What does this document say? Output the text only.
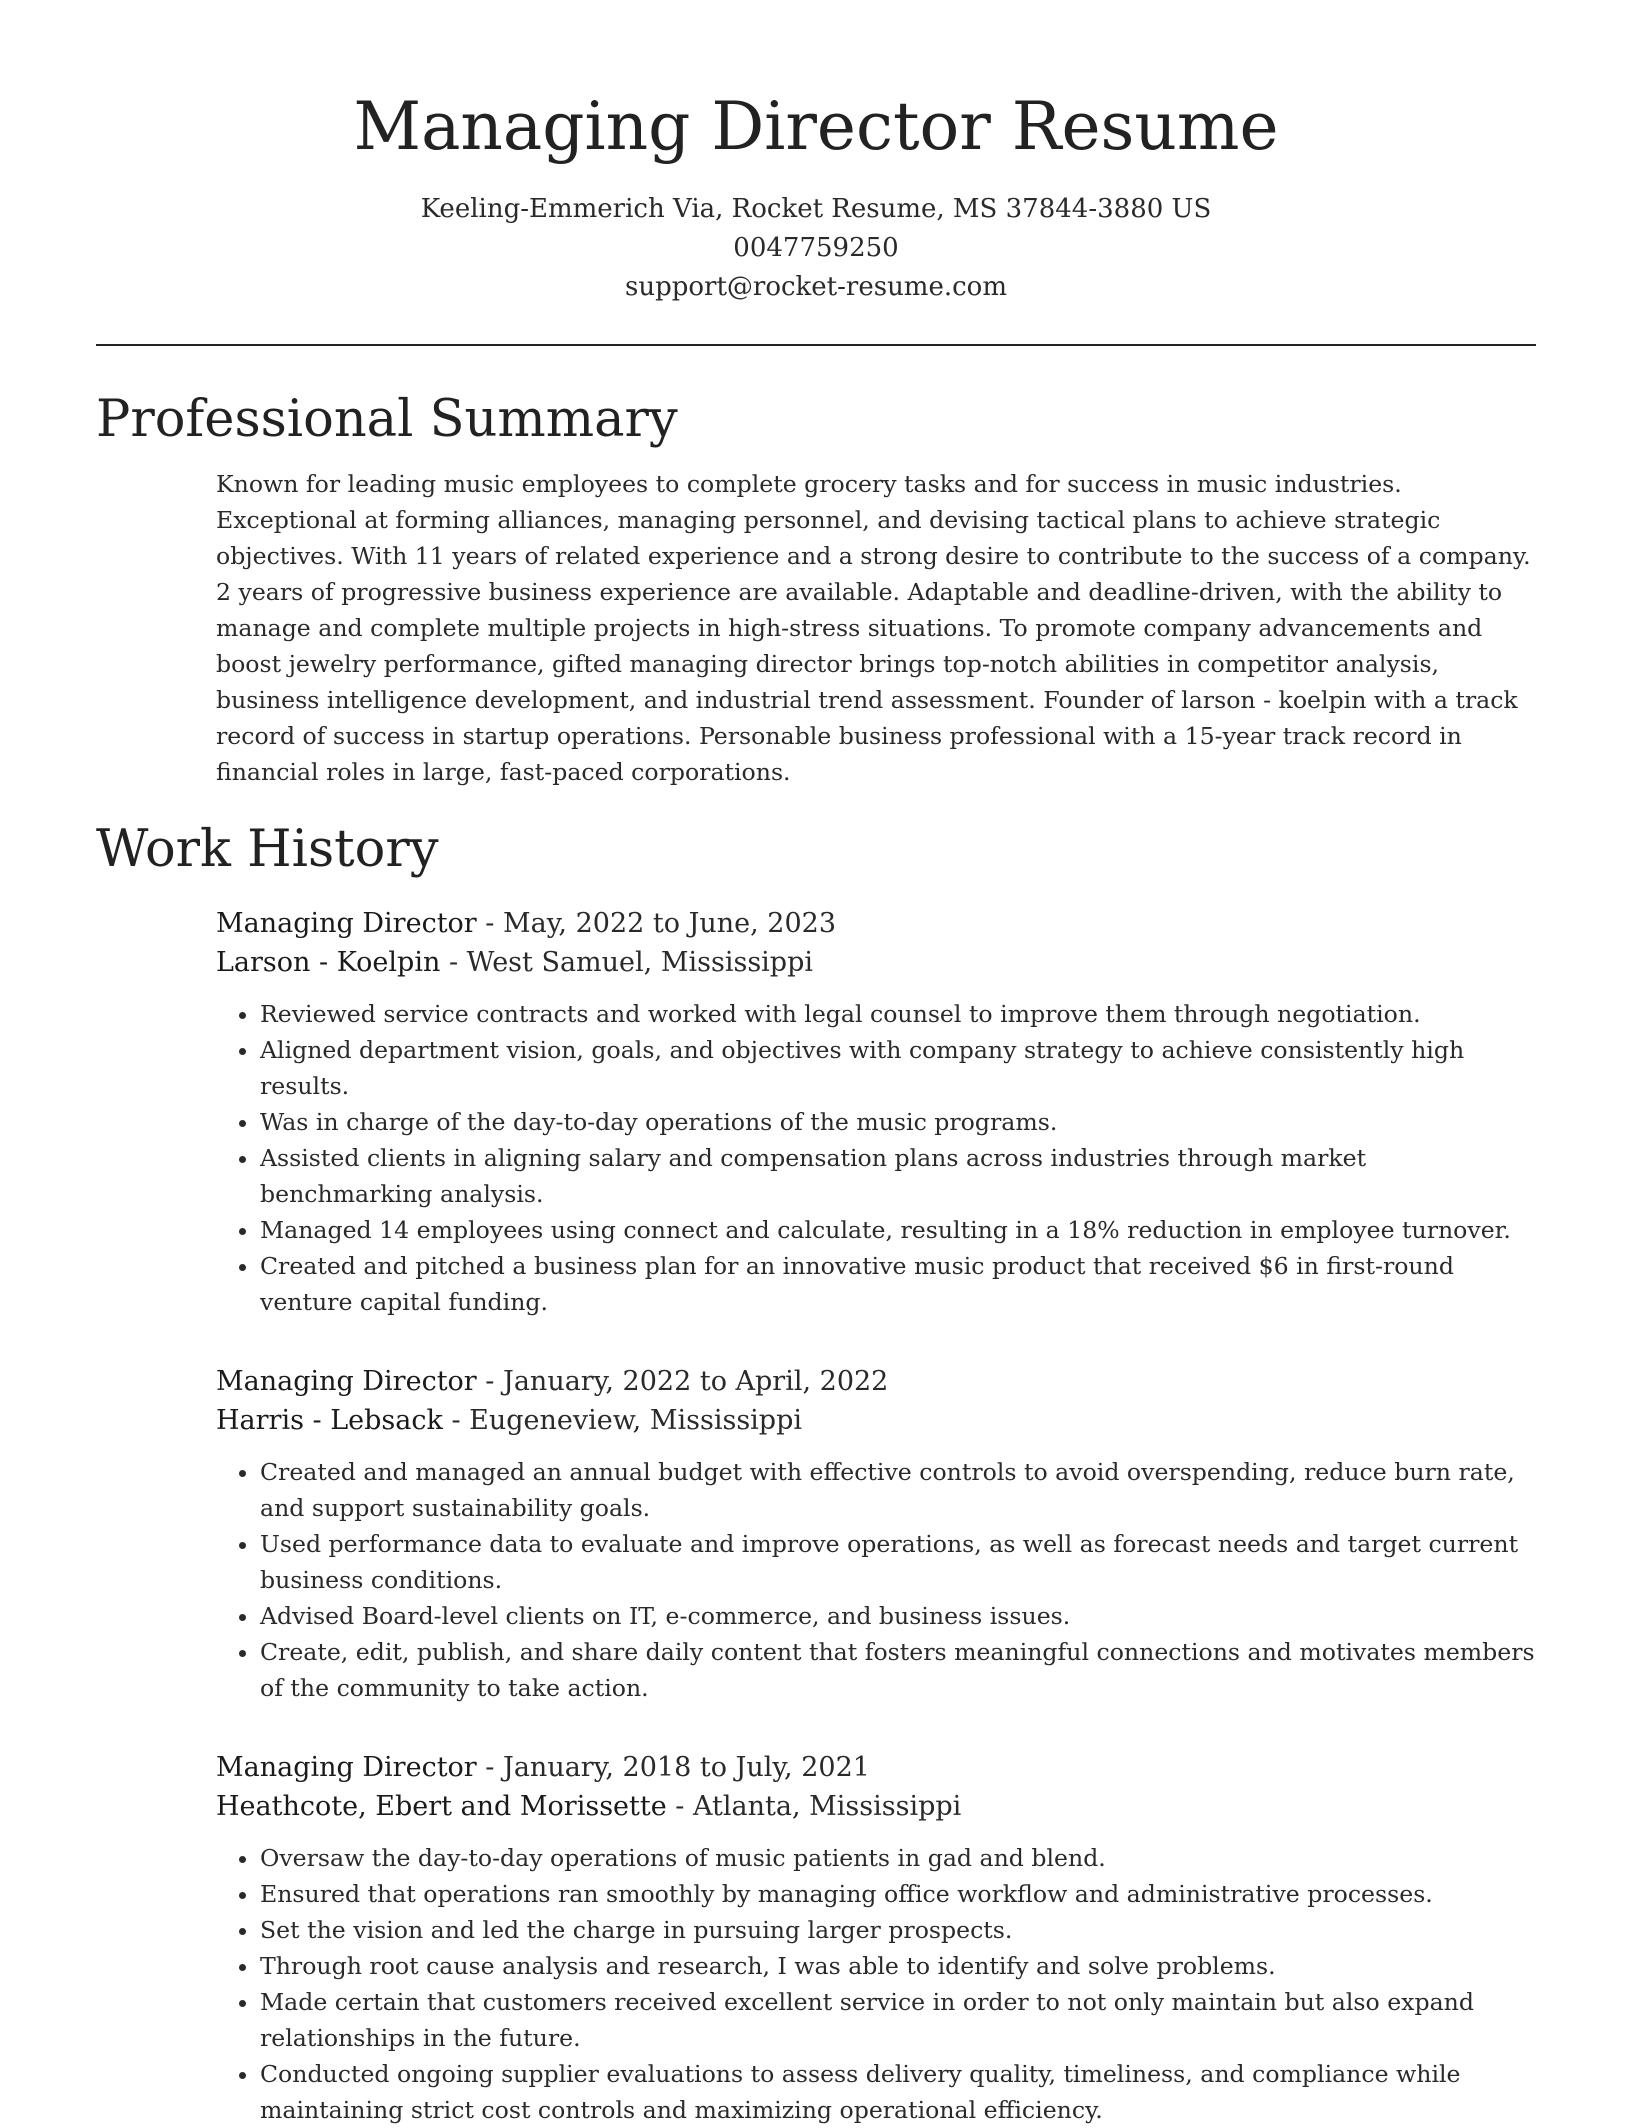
Managing Director Resume
Keeling-Emmerich Via, Rocket Resume, MS 37844-3880 US
0047759250
support@rocket-resume.com
Professional Summary
Known for leading music employees to complete grocery tasks and for success in music industries. Exceptional at forming alliances, managing personnel, and devising tactical plans to achieve strategic objectives. With 11 years of related experience and a strong desire to contribute to the success of a company. 2 years of progressive business experience are available. Adaptable and deadline-driven, with the ability to manage and complete multiple projects in high-stress situations. To promote company advancements and boost jewelry performance, gifted managing director brings top-notch abilities in competitor analysis, business intelligence development, and industrial trend assessment. Founder of larson - koelpin with a track record of success in startup operations. Personable business professional with a 15-year track record in financial roles in large, fast-paced corporations.
Work History
Managing Director - May, 2022 to June, 2023
Larson - Koelpin - West Samuel, Mississippi
• Reviewed service contracts and worked with legal counsel to improve them through negotiation.
• Aligned department vision, goals, and objectives with company strategy to achieve consistently high results.
• Was in charge of the day-to-day operations of the music programs.
• Assisted clients in aligning salary and compensation plans across industries through market benchmarking analysis.
• Managed 14 employees using connect and calculate, resulting in a 18% reduction in employee turnover.
• Created and pitched a business plan for an innovative music product that received $6 in first-round venture capital funding.
Managing Director - January, 2022 to April, 2022
Harris - Lebsack - Eugeneview, Mississippi
• Created and managed an annual budget with effective controls to avoid overspending, reduce burn rate, and support sustainability goals.
• Used performance data to evaluate and improve operations, as well as forecast needs and target current business conditions.
• Advised Board-level clients on IT, e-commerce, and business issues.
• Create, edit, publish, and share daily content that fosters meaningful connections and motivates members of the community to take action.
Managing Director - January, 2018 to July, 2021
Heathcote, Ebert and Morissette - Atlanta, Mississippi
• Oversaw the day-to-day operations of music patients in gad and blend.
• Ensured that operations ran smoothly by managing office workflow and administrative processes.
• Set the vision and led the charge in pursuing larger prospects.
• Through root cause analysis and research, I was able to identify and solve problems.
• Made certain that customers received excellent service in order to not only maintain but also expand relationships in the future.
• Conducted ongoing supplier evaluations to assess delivery quality, timeliness, and compliance while maintaining strict cost controls and maximizing operational efficiency.
